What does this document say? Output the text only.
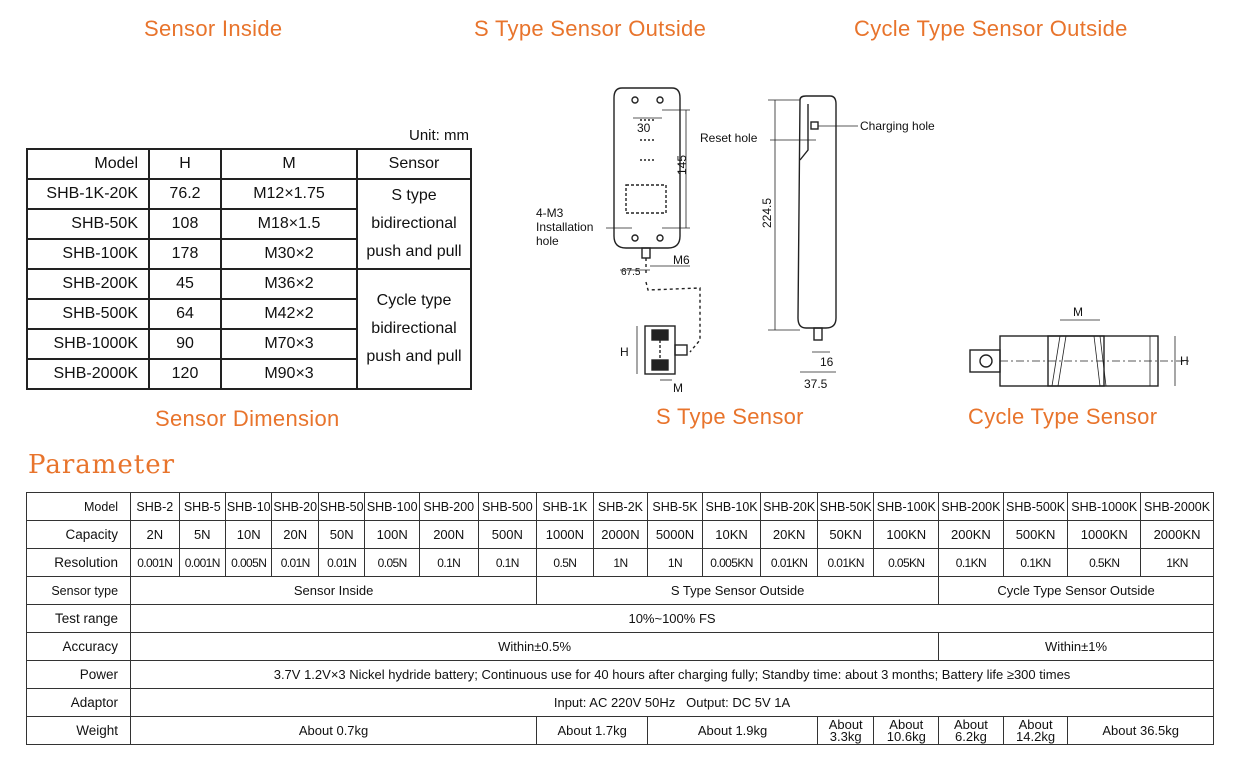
Sensor Inside	S Type Sensor Outside	Cycle Type Sensor Outside
Sensor Dimension	S Type Sensor	Cycle Type Sensor
Parameter
Unit: mm
Model	H	M	Sensor
SHB-1K-20K	76.2	M12×1.75	S type
bidirectional
push and pull

SHB-50K	108	M18×1.5	
SHB-100K	178	M30×2	
SHB-200K	45	M36×2	Cycle type
bidirectional
push and pull

SHB-500K	64	M42×2	
SHB-1000K	90	M70×3	
SHB-2000K	120	M90×3	
30
145
224.5
Reset hole
Charging hole
4-M3
Installation
hole
M6
67.5
16
37.5
H
M
M
H
Model	SHB-2	SHB-5	SHB-10	SHB-20	SHB-50	SHB-100	SHB-200	SHB-500	SHB-1K	SHB-2K	SHB-5K	SHB-10K	SHB-20K	SHB-50K	SHB-100K	SHB-200K	SHB-500K	SHB-1000K	SHB-2000K
Capacity	2N	5N	10N	20N	50N	100N	200N	500N	1000N	2000N	5000N	10KN	20KN	50KN	100KN	200KN	500KN	1000KN	2000KN
Resolution	0.001N	0.001N	0.005N	0.01N	0.01N	0.05N	0.1N	0.1N	0.5N	1N	1N	0.005KN	0.01KN	0.01KN	0.05KN	0.1KN	0.1KN	0.5KN	1KN
Sensor type	Sensor Inside								S Type Sensor Outside							Cycle Type Sensor Outside			
Test range	10%~100% FS																		
Accuracy	Within±0.5%															Within±1%			
Power	3.7V 1.2V×3 Nickel hydride battery; Continuous use for 40 hours after charging fully; Standby time: about 3 months; Battery life ≥300 times																		
Adaptor	Input: AC 220V 50Hz   Output: DC 5V 1A																		
Weight	About 0.7kg								About 1.7kg		About 1.9kg			About 3.3kg	About 10.6kg	About 6.2kg	About 14.2kg	About 36.5kg	
